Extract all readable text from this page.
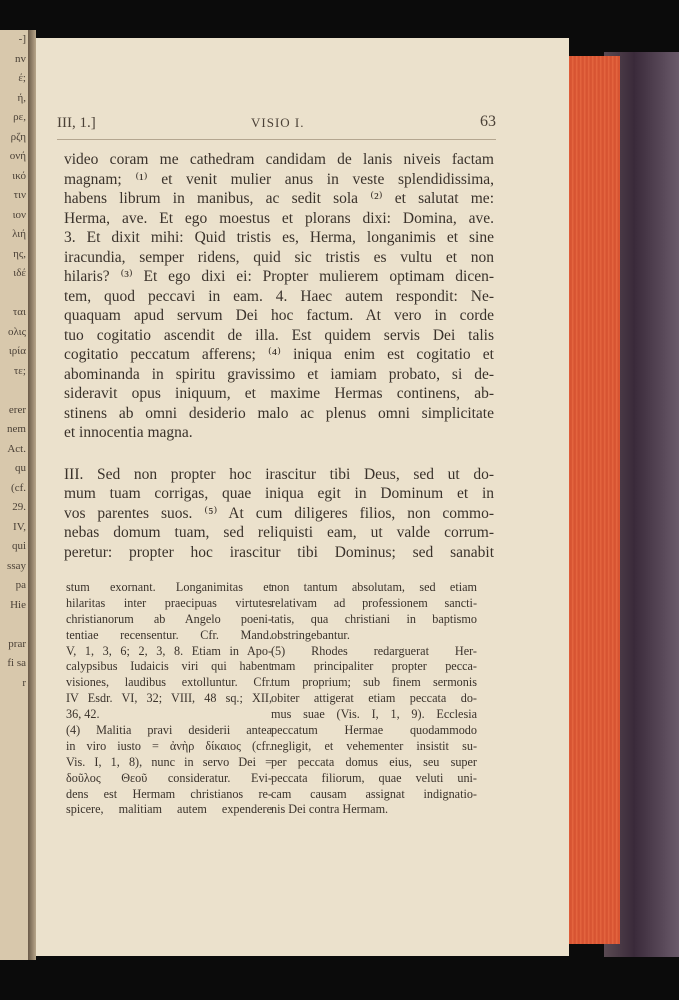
-]
nv
έ;
ή,
ρε,
ρζη
ονή
ικό
τιν
ιον
λιή
ης,
ιδέ
ται
ολις
ιρία
τε;
erer
nem
Act.
qu
(cf.
29.
IV,
qui
ssay
pa
Hie
prar
fi sa
r
III, 1.]	VISIO I.	63
video coram me cathedram candidam de lanis niveis factam
magnam; ⁽¹⁾ et venit mulier anus in veste splendidissima,
habens librum in manibus, ac sedit sola ⁽²⁾ et salutat me:
Herma, ave. Et ego moestus et plorans dixi: Domina, ave.
3. Et dixit mihi: Quid tristis es, Herma, longanimis et sine
iracundia, semper ridens, quid sic tristis es vultu et non
hilaris? ⁽³⁾ Et ego dixi ei: Propter mulierem optimam dicen-
tem, quod peccavi in eam. 4. Haec autem respondit: Ne-
quaquam apud servum Dei hoc factum. At vero in corde
tuo cogitatio ascendit de illa. Est quidem servis Dei talis
cogitatio peccatum afferens; ⁽⁴⁾ iniqua enim est cogitatio et
abominanda in spiritu gravissimo et iamiam probato, si de-
sideravit opus iniquum, et maxime Hermas continens, ab-
stinens ab omni desiderio malo ac plenus omni simplicitate
et innocentia magna.
III. Sed non propter hoc irascitur tibi Deus, sed ut do-
mum tuam corrigas, quae iniqua egit in Dominum et in
vos parentes suos. ⁽⁵⁾ At cum diligeres filios, non commo-
nebas domum tuam, sed reliquisti eam, ut valde corrum-
peretur: propter hoc irascitur tibi Dominus; sed sanabit
stum exornant. Longanimitas et
hilaritas inter praecipuas virtutes
christianorum ab Angelo poeni-
tentiae recensentur. Cfr. Mand.
V, 1, 3, 6; 2, 3, 8. Etiam in Apo-
calypsibus Iudaicis viri qui habent
visiones, laudibus extolluntur. Cfr.
IV Esdr. VI, 32; VIII, 48 sq.; XII,
36, 42.
(4) Malitia pravi desiderii antea
in viro iusto = ἀνὴρ δίκαιος (cfr.
Vis. I, 1, 8), nunc in servo Dei =
δοῦλος Θεοῦ consideratur. Evi-
dens est Hermam christianos re-
spicere, malitiam autem expendere
non tantum absolutam, sed etiam
relativam ad professionem sancti-
tatis, qua christiani in baptismo
obstringebantur.
(5) Rhodes redarguerat Her-
mam principaliter propter pecca-
tum proprium; sub finem sermonis
obiter attigerat etiam peccata do-
mus suae (Vis. I, 1, 9). Ecclesia
peccatum Hermae quodammodo
negligit, et vehementer insistit su-
per peccata domus eius, seu super
peccata filiorum, quae veluti uni-
cam causam assignat indignatio-
nis Dei contra Hermam.
